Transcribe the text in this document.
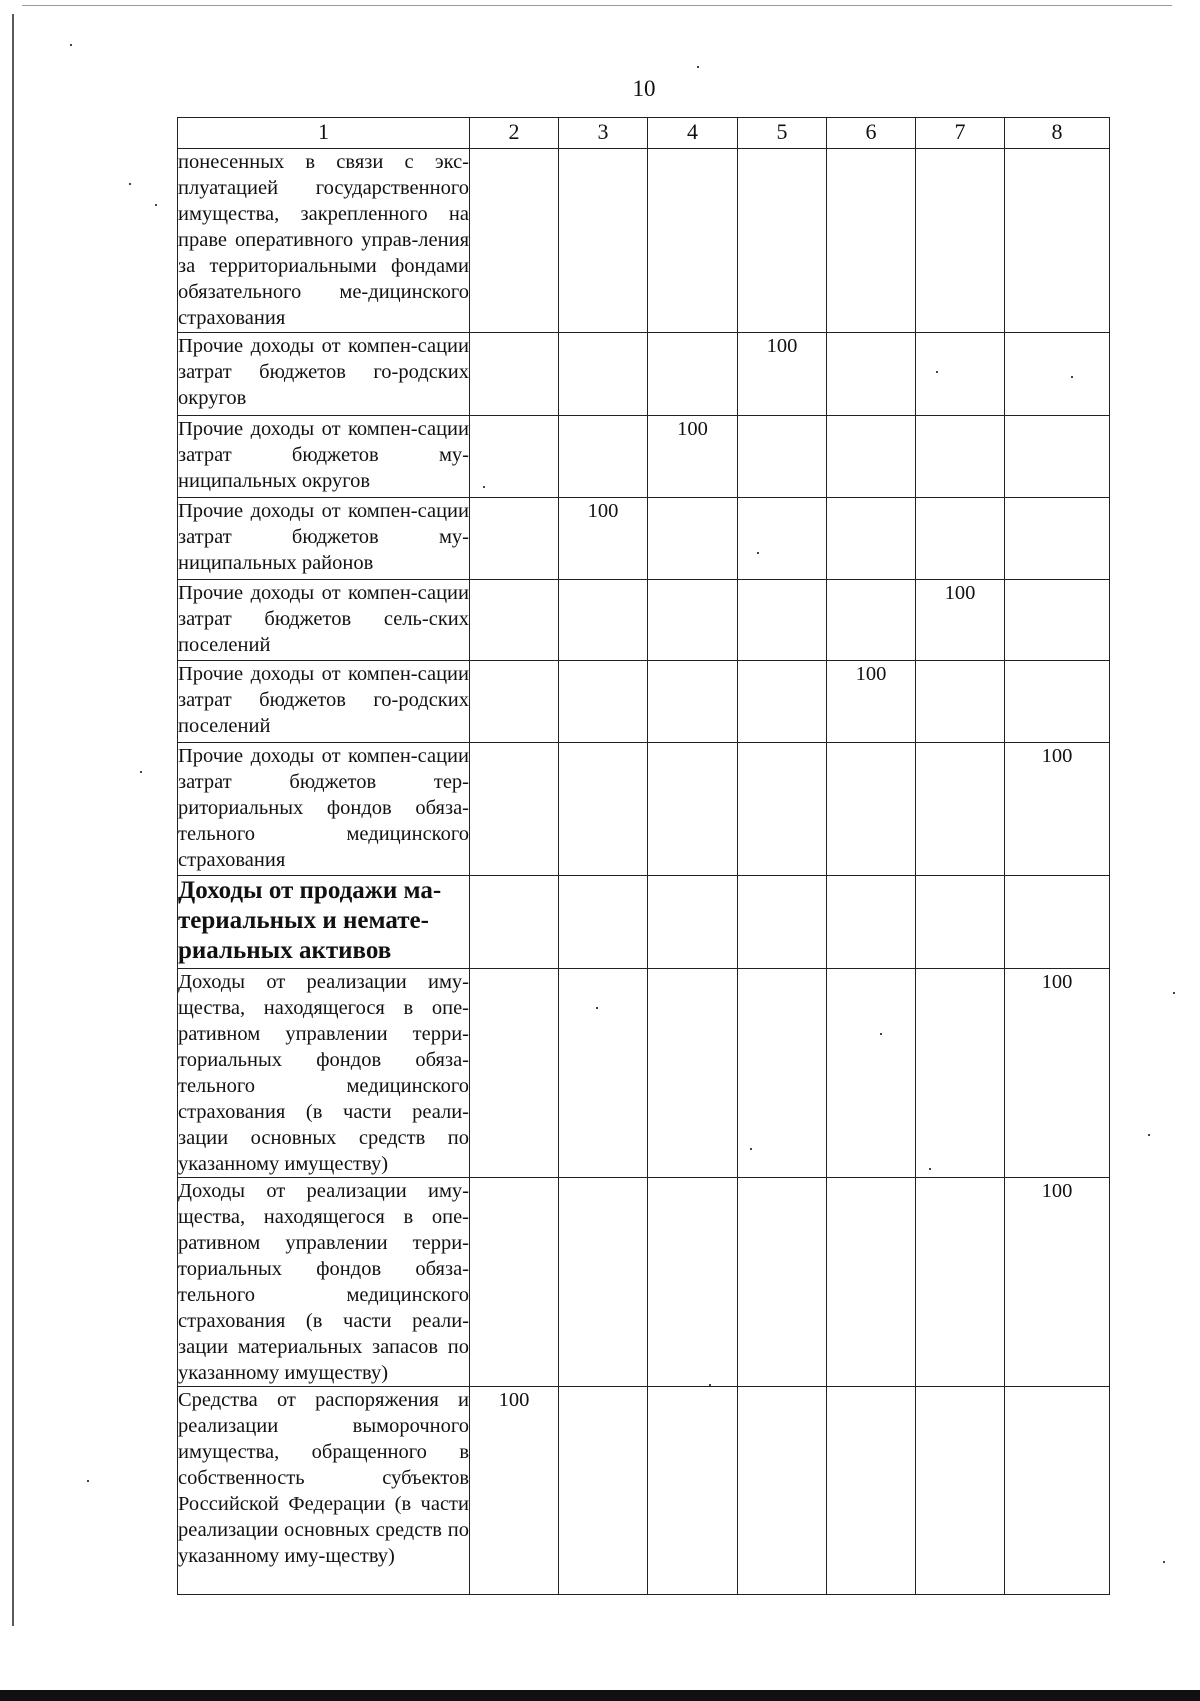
10
1	2	3	4	5	6	7	8
понесенных в связи с экс-плуатацией государственного имущества, закрепленного на праве оперативного управ-ления за территориальными фондами обязательного ме-дицинского страхования							
Прочие доходы от компен-сации затрат бюджетов го-родских округов				100			
Прочие доходы от компен-сации затрат бюджетов му-ниципальных округов			100				
Прочие доходы от компен-сации затрат бюджетов му-ниципальных районов		100					
Прочие доходы от компен-сации затрат бюджетов сель-ских поселений						100	
Прочие доходы от компен-сации затрат бюджетов го-родских поселений					100		
Прочие доходы от компен-сации затрат бюджетов тер-риториальных фондов обяза-тельного медицинского страхования							100
Доходы от продажи ма-териальных и немате-риальных активов							
Доходы от реализации иму-щества, находящегося в опе-ративном управлении терри-ториальных фондов обяза-тельного медицинского страхования (в части реали-зации основных средств по указанному имуществу)							100
Доходы от реализации иму-щества, находящегося в опе-ративном управлении терри-ториальных фондов обяза-тельного медицинского страхования (в части реали-зации материальных запасов по указанному имуществу)							100
Средства от распоряжения и реализации выморочного имущества, обращенного в собственность субъектов Российской Федерации (в части реализации основных средств по указанному иму-ществу)	100						
